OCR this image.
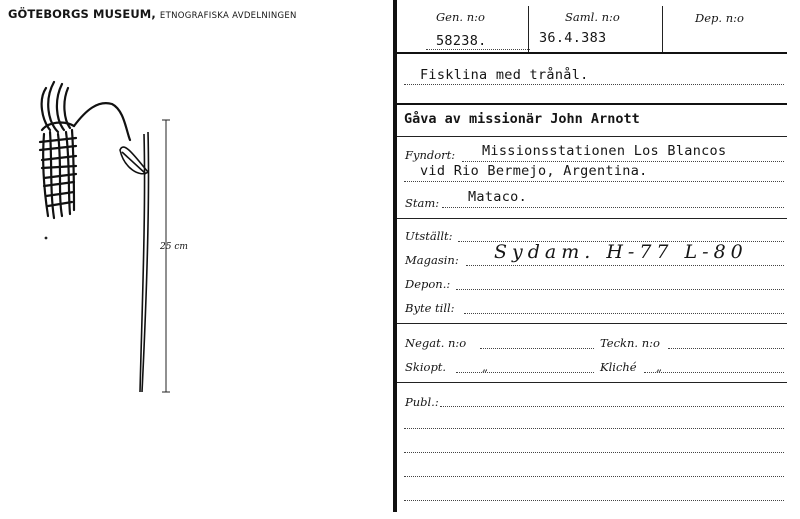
GÖTEBORGS MUSEUM, ETNOGRAFISKA AVDELNINGEN
25 cm
Gen. n:o	Saml. n:o	Dep. n:o
58238.	36.4.383
Fisklina med trånål.
Gåva av missionär John Arnott
Fyndort: Missionsstationen Los Blancos
vid Rio Bermejo, Argentina.
Stam: Mataco.
Utställt:
Magasin: Sydam. H-77 L-80
Depon.:
Byte till:
Negat. n:o	Teckn. n:o
Skiopt.	„	Kliché „
Publ.:
